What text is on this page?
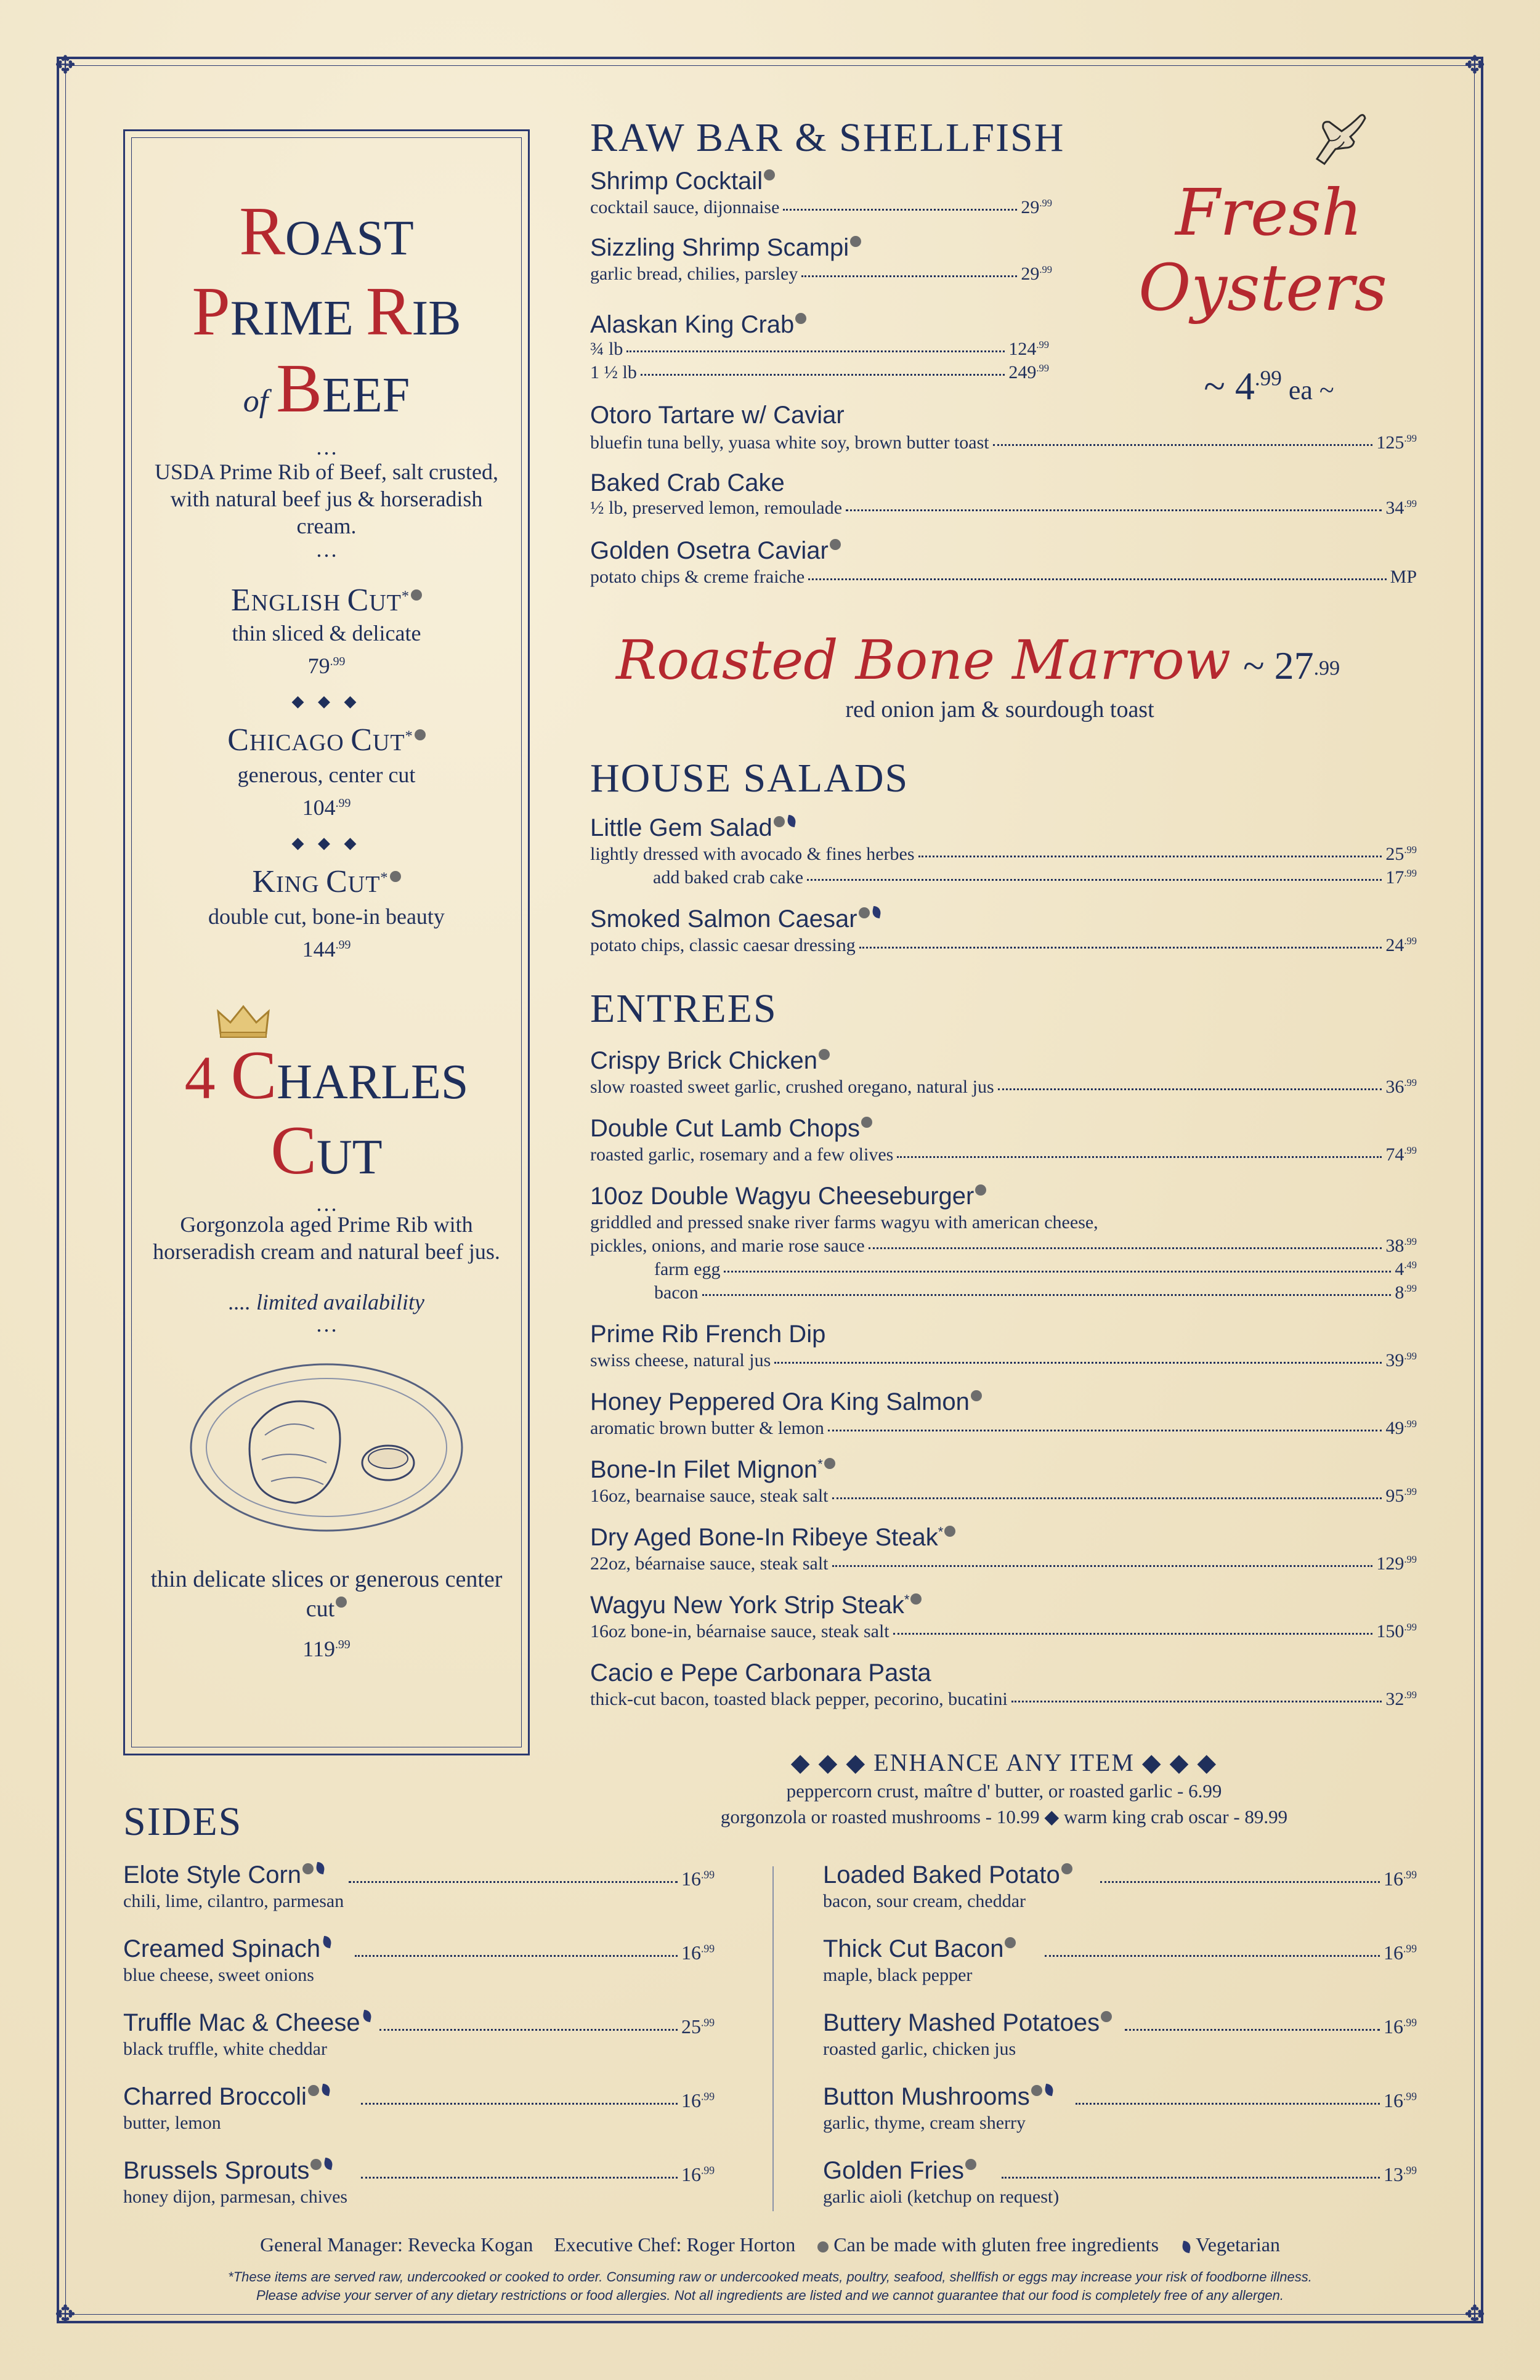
✥	✥
✥	✥
ROAST
PRIME RIB
of BEEF
…
USDA Prime Rib of Beef, salt crusted, with natural beef jus & horseradish cream.
…
ENGLISH CUT*
thin sliced & delicate
$79^{.99}$
◆ ◆ ◆
CHICAGO CUT*
generous, center cut
$104^{.99}$
◆ ◆ ◆
KING CUT*
double cut, bone-in beauty
$144^{.99}$
4 CHARLES
CUT
…
Gorgonzola aged Prime Rib with horseradish cream and natural beef jus.
.... limited availability
…
thin delicate slices or generous center cut
$119^{.99}$
RAW BAR & SHELLFISH
Shrimp Cocktail
cocktail sauce, dijonnaise	$29^{.99}$
Sizzling Shrimp Scampi
garlic bread, chilies, parsley	$29^{.99}$
Alaskan King Crab
¾ lb	$124^{.99}$
1 ½ lb	$249^{.99}$
Otoro Tartare w/ Caviar
bluefin tuna belly, yuasa white soy, brown butter toast	$125^{.99}$
Baked Crab Cake
½ lb, preserved lemon, remoulade	$34^{.99}$
Golden Osetra Caviar
potato chips & creme fraiche	MP
Fresh
Oysters
~ $4^{.99}$ ea ~
Roasted Bone Marrow ~ $27^{.99}$
red onion jam & sourdough toast
HOUSE SALADS
Little Gem Salad
lightly dressed with avocado & fines herbes	$25^{.99}$
add baked crab cake	$17^{.99}$
Smoked Salmon Caesar
potato chips, classic caesar dressing	$24^{.99}$
ENTREES
Crispy Brick Chicken
slow roasted sweet garlic, crushed oregano, natural jus	$36^{.99}$
Double Cut Lamb Chops
roasted garlic, rosemary and a few olives	$74^{.99}$
10oz Double Wagyu Cheeseburger
griddled and pressed snake river farms wagyu with american cheese,
pickles, onions, and marie rose sauce	$38^{.99}$
farm egg	$4^{.49}$
bacon	$8^{.99}$
Prime Rib French Dip
swiss cheese, natural jus	$39^{.99}$
Honey Peppered Ora King Salmon
aromatic brown butter & lemon	$49^{.99}$
Bone-In Filet Mignon*
16oz, bearnaise sauce, steak salt	$95^{.99}$
Dry Aged Bone-In Ribeye Steak*
22oz, béarnaise sauce, steak salt	$129^{.99}$
Wagyu New York Strip Steak*
16oz bone-in, béarnaise sauce, steak salt	$150^{.99}$
Cacio e Pepe Carbonara Pasta
thick-cut bacon, toasted black pepper, pecorino, bucatini	$32^{.99}$
◆ ◆ ◆ ENHANCE ANY ITEM ◆ ◆ ◆
peppercorn crust, maître d' butter, or roasted garlic - 6.99
gorgonzola or roasted mushrooms - 10.99 ◆ warm king crab oscar - 89.99
SIDES
Elote Style Corn	$16^{.99}$
chili, lime, cilantro, parmesan
Creamed Spinach	$16^{.99}$
blue cheese, sweet onions
Truffle Mac & Cheese	$25^{.99}$
black truffle, white cheddar
Charred Broccoli	$16^{.99}$
butter, lemon
Brussels Sprouts	$16^{.99}$
honey dijon, parmesan, chives
Loaded Baked Potato	$16^{.99}$
bacon, sour cream, cheddar
Thick Cut Bacon	$16^{.99}$
maple, black pepper
Buttery Mashed Potatoes	$16^{.99}$
roasted garlic, chicken jus
Button Mushrooms	$16^{.99}$
garlic, thyme, cream sherry
Golden Fries	$13^{.99}$
garlic aioli (ketchup on request)
General Manager: Revecka Kogan Executive Chef: Roger Horton	Can be made with gluten free ingredients	Vegetarian
*These items are served raw, undercooked or cooked to order. Consuming raw or undercooked meats, poultry, seafood, shellfish or eggs may increase your risk of foodborne illness.
Please advise your server of any dietary restrictions or food allergies. Not all ingredients are listed and we cannot guarantee that our food is completely free of any allergen.
